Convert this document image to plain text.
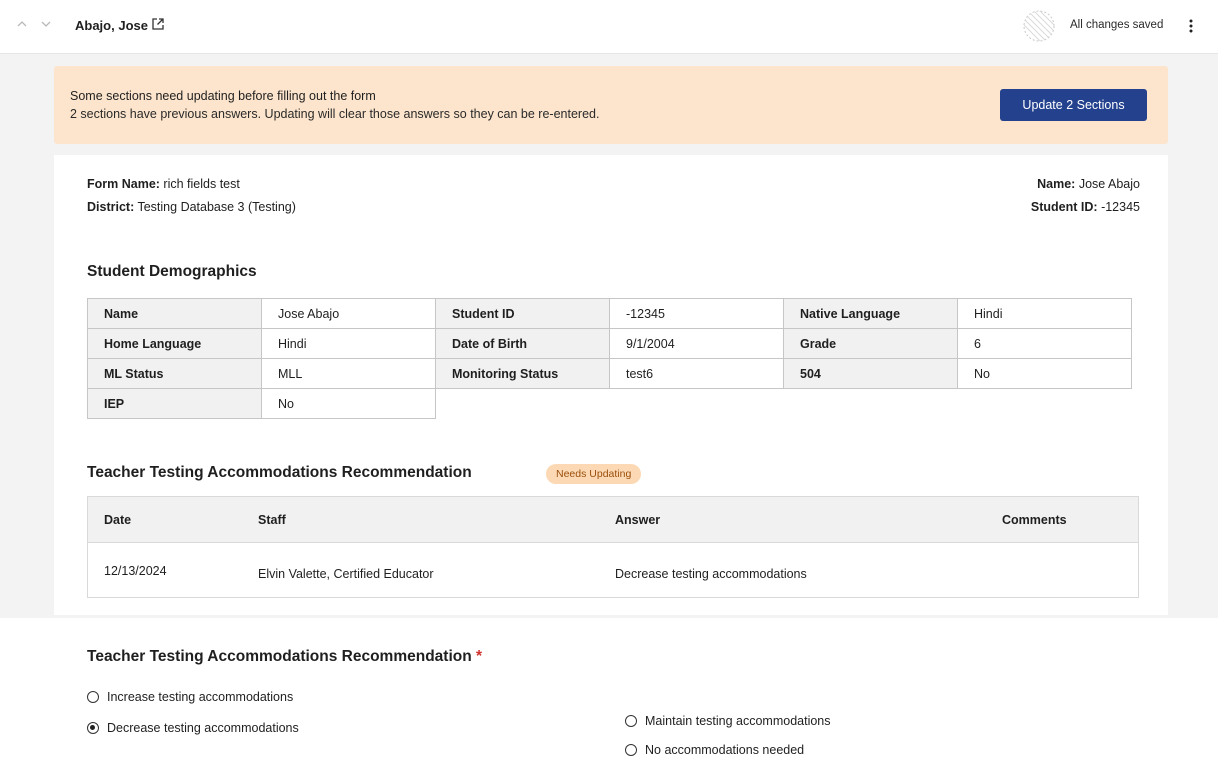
Abajo, Jose	All changes saved
Some sections need updating before filling out the form
2 sections have previous answers. Updating will clear those answers so they can be re-entered.
Update 2 Sections
Form Name: rich fields test
District: Testing Database 3 (Testing)
Name: Jose Abajo
Student ID: -12345
Student Demographics
Name	Jose Abajo	Student ID	-12345	Native Language	Hindi
Home Language	Hindi	Date of Birth	9/1/2004	Grade	6
ML Status	MLL	Monitoring Status	test6	504	No
IEP	No				
Teacher Testing Accommodations Recommendation	Needs Updating
Date	Staff	Answer	Comments
12/13/2024	Elvin Valette, Certified Educator	Decrease testing accommodations
Teacher Testing Accommodations Recommendation *
Increase testing accommodations
Decrease testing accommodations	Maintain testing accommodations
No accommodations needed
